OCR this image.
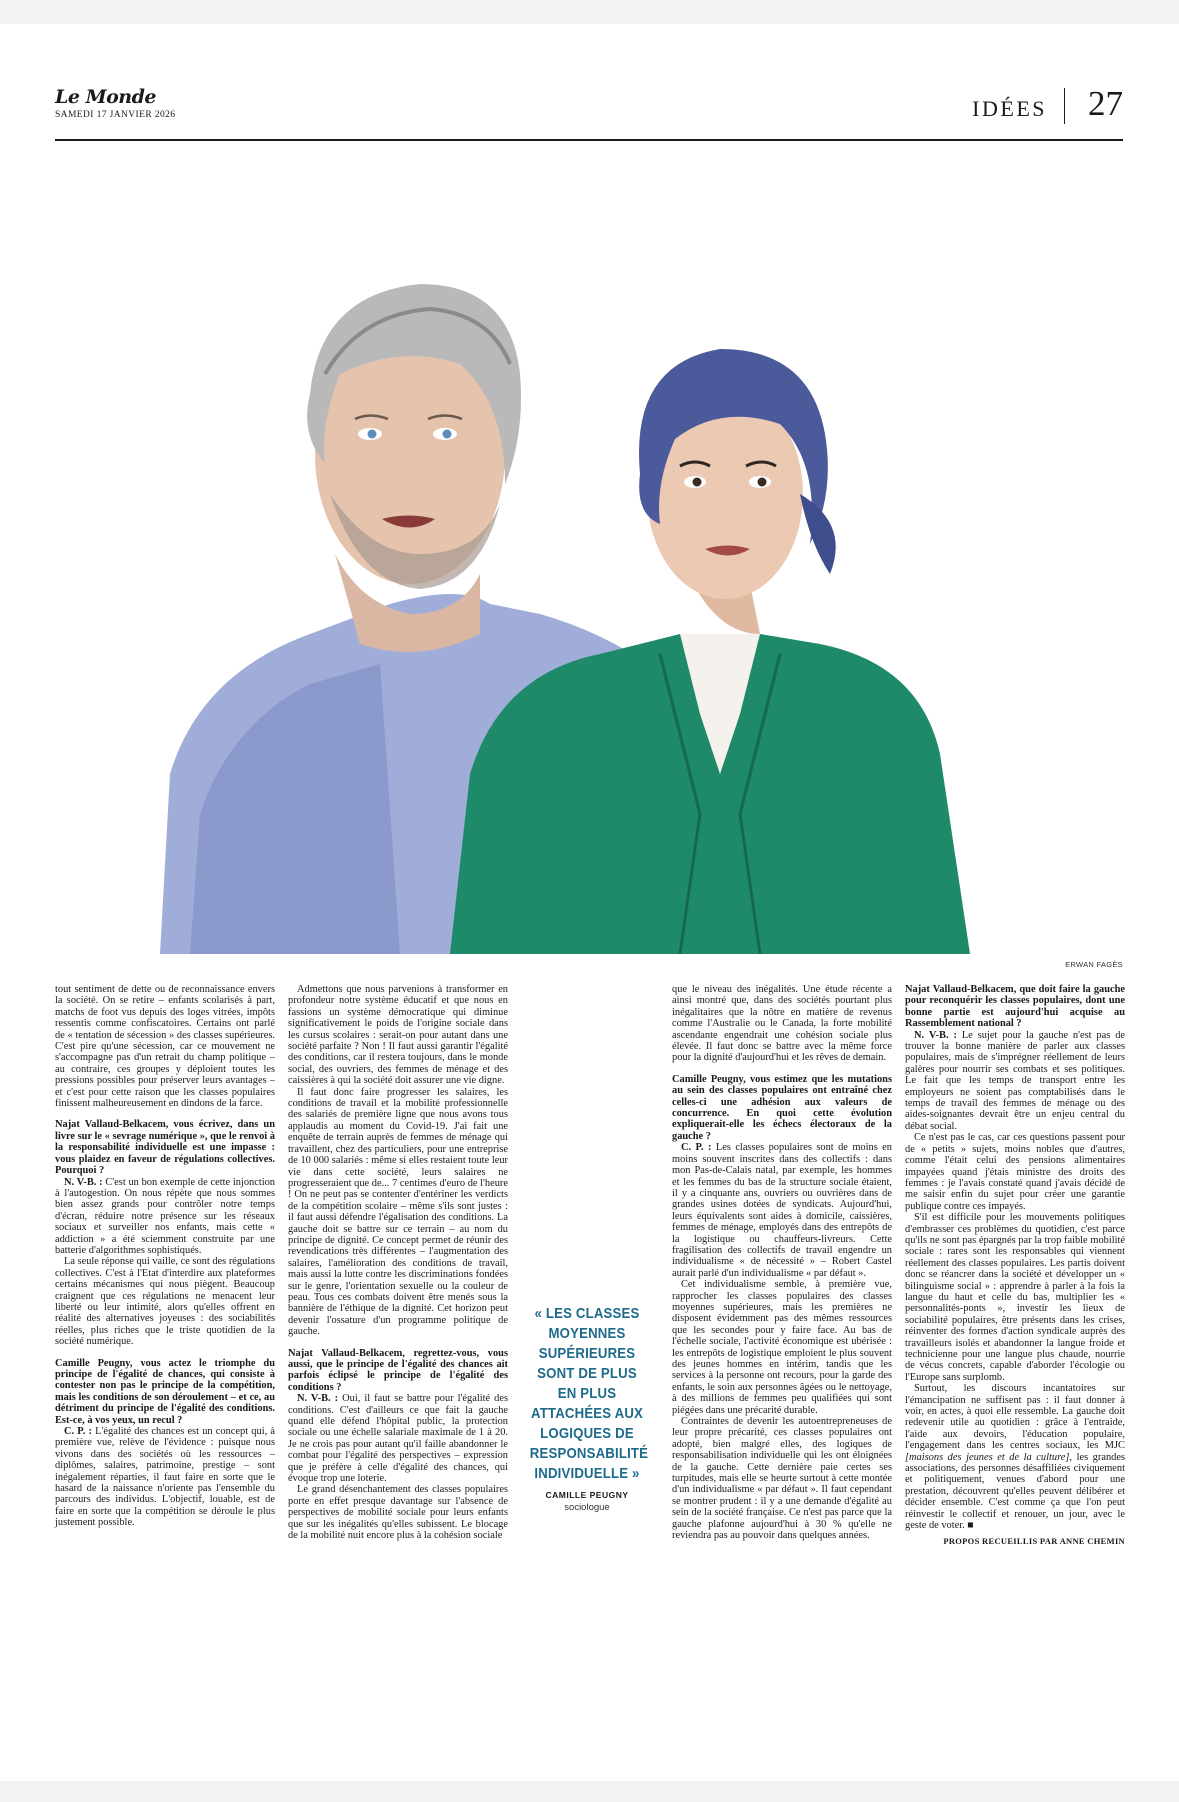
Le Monde
SAMEDI 17 JANVIER 2026	IDÉES 27
ERWAN FAGÈS

tout sentiment de dette ou de reconnaissance envers la société. On se retire – enfants scolarisés à part, matchs de foot vus depuis des loges vitrées, impôts ressentis comme confiscatoires. Certains ont parlé de « tentation de sécession » des classes supérieures. C'est pire qu'une sécession, car ce mouvement ne s'accompagne pas d'un retrait du champ politique – au contraire, ces groupes y déploient toutes les pressions possibles pour préserver leurs avantages – et c'est pour cette raison que les classes populaires finissent malheureusement en dindons de la farce.

Najat Vallaud-Belkacem, vous écrivez, dans un livre sur le « sevrage numérique », que le renvoi à la responsabilité individuelle est une impasse : vous plaidez en faveur de régulations collectives. Pourquoi ?

N. V-B. : C'est un bon exemple de cette injonction à l'autogestion. On nous répète que nous sommes bien assez grands pour contrôler notre temps d'écran, réduire notre présence sur les réseaux sociaux et surveiller nos enfants, mais cette « addiction » a été sciemment construite par une batterie d'algorithmes sophistiqués.

La seule réponse qui vaille, ce sont des régulations collectives. C'est à l'Etat d'interdire aux plateformes certains mécanismes qui nous piègent. Beaucoup craignent que ces régulations ne menacent leur liberté ou leur intimité, alors qu'elles offrent en réalité des alternatives joyeuses : des sociabilités réelles, plus riches que le triste quotidien de la société numérique.

Camille Peugny, vous actez le triomphe du principe de l'égalité de chances, qui consiste à contester non pas le principe de la compétition, mais les conditions de son déroulement – et ce, au détriment du principe de l'égalité des conditions. Est-ce, à vos yeux, un recul ?

C. P. : L'égalité des chances est un concept qui, à première vue, relève de l'évidence : puisque nous vivons dans des sociétés où les ressources – diplômes, salaires, patrimoine, prestige – sont inégalement réparties, il faut faire en sorte que le hasard de la naissance n'oriente pas l'ensemble du parcours des individus. L'objectif, louable, est de faire en sorte que la compétition se déroule le plus justement possible.

Admettons que nous parvenions à transformer en profondeur notre système éducatif et que nous en fassions un système démocratique qui diminue significativement le poids de l'origine sociale dans les cursus scolaires : serait-on pour autant dans une société parfaite ? Non ! Il faut aussi garantir l'égalité des conditions, car il restera toujours, dans le monde social, des ouvriers, des femmes de ménage et des caissières à qui la société doit assurer une vie digne.

Il faut donc faire progresser les salaires, les conditions de travail et la mobilité professionnelle des salariés de première ligne que nous avons tous applaudis au moment du Covid-19. J'ai fait une enquête de terrain auprès de femmes de ménage qui travaillent, chez des particuliers, pour une entreprise de 10 000 salariés : même si elles restaient toute leur vie dans cette société, leurs salaires ne progresseraient que de... 7 centimes d'euro de l'heure ! On ne peut pas se contenter d'entériner les verdicts de la compétition scolaire – même s'ils sont justes : il faut aussi défendre l'égalisation des conditions. La gauche doit se battre sur ce terrain – au nom du principe de dignité. Ce concept permet de réunir des revendications très différentes – l'augmentation des salaires, l'amélioration des conditions de travail, mais aussi la lutte contre les discriminations fondées sur le genre, l'orientation sexuelle ou la couleur de peau. Tous ces combats doivent être menés sous la bannière de l'éthique de la dignité. Cet horizon peut devenir l'ossature d'un programme politique de gauche.

Najat Vallaud-Belkacem, regrettez-vous, vous aussi, que le principe de l'égalité des chances ait parfois éclipsé le principe de l'égalité des conditions ?

N. V-B. : Oui, il faut se battre pour l'égalité des conditions. C'est d'ailleurs ce que fait la gauche quand elle défend l'hôpital public, la protection sociale ou une échelle salariale maximale de 1 à 20. Je ne crois pas pour autant qu'il faille abandonner le combat pour l'égalité des perspectives – expression que je préfère à celle d'égalité des chances, qui évoque trop une loterie.

Le grand désenchantement des classes populaires porte en effet presque davantage sur l'absence de perspectives de mobilité sociale pour leurs enfants que sur les inégalités qu'elles subissent. Le blocage de la mobilité nuit encore plus à la cohésion sociale

« LES CLASSES MOYENNES SUPÉRIEURES SONT DE PLUS EN PLUS ATTACHÉES AUX LOGIQUES DE RESPONSABILITÉ INDIVIDUELLE »
CAMILLE PEUGNY
sociologue

que le niveau des inégalités. Une étude récente a ainsi montré que, dans des sociétés pourtant plus inégalitaires que la nôtre en matière de revenus comme l'Australie ou le Canada, la forte mobilité ascendante engendrait une cohésion sociale plus élevée. Il faut donc se battre avec la même force pour la dignité d'aujourd'hui et les rêves de demain.

Camille Peugny, vous estimez que les mutations au sein des classes populaires ont entraîné chez celles-ci une adhésion aux valeurs de concurrence. En quoi cette évolution expliquerait-elle les échecs électoraux de la gauche ?

C. P. : Les classes populaires sont de moins en moins souvent inscrites dans des collectifs : dans mon Pas-de-Calais natal, par exemple, les hommes et les femmes du bas de la structure sociale étaient, il y a cinquante ans, ouvriers ou ouvrières dans de grandes usines dotées de syndicats. Aujourd'hui, leurs équivalents sont aides à domicile, caissières, femmes de ménage, employés dans des entrepôts de la logistique ou chauffeurs-livreurs. Cette fragilisation des collectifs de travail engendre un individualisme « de nécessité » – Robert Castel aurait parlé d'un individualisme « par défaut ».

Cet individualisme semble, à première vue, rapprocher les classes populaires des classes moyennes supérieures, mais les premières ne disposent évidemment pas des mêmes ressources que les secondes pour y faire face. Au bas de l'échelle sociale, l'activité économique est ubérisée : les entrepôts de logistique emploient le plus souvent des jeunes hommes en intérim, tandis que les services à la personne ont recours, pour la garde des enfants, le soin aux personnes âgées ou le nettoyage, à des millions de femmes peu qualifiées qui sont piégées dans une précarité durable.

Contraintes de devenir les autoentrepreneuses de leur propre précarité, ces classes populaires ont adopté, bien malgré elles, des logiques de responsabilisation individuelle qui les ont éloignées de la gauche. Cette dernière paie certes ses turpitudes, mais elle se heurte surtout à cette montée d'un individualisme « par défaut ». Il faut cependant se montrer prudent : il y a une demande d'égalité au sein de la société française. Ce n'est pas parce que la gauche plafonne aujourd'hui à 30 % qu'elle ne reviendra pas au pouvoir dans quelques années.

Najat Vallaud-Belkacem, que doit faire la gauche pour reconquérir les classes populaires, dont une bonne partie est aujourd'hui acquise au Rassemblement national ?

N. V-B. : Le sujet pour la gauche n'est pas de trouver la bonne manière de parler aux classes populaires, mais de s'imprégner réellement de leurs galères pour nourrir ses combats et ses politiques. Le fait que les temps de transport entre les employeurs ne soient pas comptabilisés dans le temps de travail des femmes de ménage ou des aides-soignantes devrait être un enjeu central du débat social.

Ce n'est pas le cas, car ces questions passent pour de « petits » sujets, moins nobles que d'autres, comme l'était celui des pensions alimentaires impayées quand j'étais ministre des droits des femmes : je l'avais constaté quand j'avais décidé de me saisir enfin du sujet pour créer une garantie publique contre ces impayés.

S'il est difficile pour les mouvements politiques d'embrasser ces problèmes du quotidien, c'est parce qu'ils ne sont pas épargnés par la trop faible mobilité sociale : rares sont les responsables qui viennent réellement des classes populaires. Les partis doivent donc se réancrer dans la société et développer un « bilinguisme social » : apprendre à parler à la fois la langue du haut et celle du bas, multiplier les « personnalités-ponts », investir les lieux de sociabilité populaires, être présents dans les crises, réinventer des formes d'action syndicale auprès des travailleurs isolés et abandonner la langue froide et technicienne pour une langue plus chaude, nourrie de vécus concrets, capable d'aborder l'écologie ou l'Europe sans surplomb.

Surtout, les discours incantatoires sur l'émancipation ne suffisent pas : il faut donner à voir, en actes, à quoi elle ressemble. La gauche doit redevenir utile au quotidien : grâce à l'entraide, l'aide aux devoirs, l'éducation populaire, l'engagement dans les centres sociaux, les MJC [maisons des jeunes et de la culture], les grandes associations, des personnes désaffiliées civiquement et politiquement, venues d'abord pour une prestation, découvrent qu'elles peuvent délibérer et décider ensemble. C'est comme ça que l'on peut réinvestir le collectif et renouer, un jour, avec le geste de voter. ■

PROPOS RECUEILLIS PAR ANNE CHEMIN
